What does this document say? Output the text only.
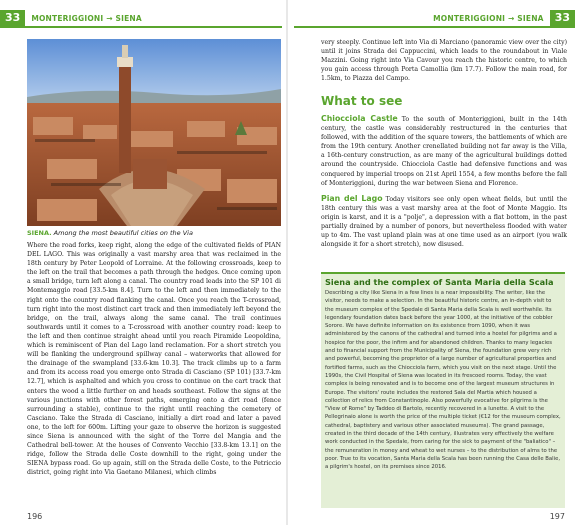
33	MONTERIGGIONI → SIENA
SIENA. Among the most beautiful cities on the Via
Where the road forks, keep right, along the edge of the cultivated fields of PIAN DEL LAGO. This was originally a vast marshy area that was reclaimed in the 18th century by Peter Leopold of Lorraine. At the following crossroads, keep to the left on the trail that becomes a path through the hedges. Once coming upon a small bridge, turn left along a canal. The country road leads into the SP 101 di Montemaggio road [33.5-km 8.4]. Turn to the left and then immediately to the right onto the country road flanking the canal. Once you reach the T-crossroad, turn right into the most distinct cart track and then immediately left beyond the bridge, on the trail, always along the same canal. The trail continues southwards until it comes to a T-crossroad with another country road: keep to the left and then continue straight ahead until you reach Piramide Leopoldina, which is reminiscent of Pian del Lago land reclamation. For a short stretch you will be flanking the underground spillway canal – waterworks that allowed for the drainage of the swampland [33.6-km 10.3]. The track climbs up to a farm and from its access road you emerge onto Strada di Casciano (SP 101) [33.7-km 12.7], which is asphalted and which you cross to continue on the cart track that enters the wood a little further on and heads southeast. Follow the signs at the various junctions with other forest paths, emerging onto a dirt road (fence surrounding a stable), continue to the right until reaching the cemetery of Casciano. Take the Strada di Casciano, initially a dirt road and later a paved one, to the left for 600m. Lifting your gaze to observe the horizon is suggested since Siena is announced with the sight of the Torre del Mangia and the Cathedral bell-tower. At the houses of Convento Vecchio [33.8-km 13.1] on the ridge, follow the Strada delle Coste downhill to the right, going under the SIENA bypass road. Go up again, still on the Strada delle Coste, to the Petriccio district, going right into Via Gaetano Milanesi, which climbs
196
MONTERIGGIONI → SIENA	33
very steeply. Continue left into Via di Marciano (panoramic view over the city) until it joins Strada dei Cappuccini, which leads to the roundabout in Viale Mazzini. Going right into Via Cavour you reach the historic centre, to which you gain access through Porta Camollia (km 17.7). Follow the main road, for 1.5km, to Piazza del Campo.
What to see
Chiocciola Castle To the south of Monteriggioni, built in the 14th century, the castle was considerably restructured in the centuries that followed, with the addition of the square towers, the battlements of which are from the 19th century. Another crenellated building not far away is the Villa, a 16th-century construction, as are many of the agricultural buildings dotted around the countryside. Chiocciola Castle had defensive functions and was conquered by imperial troops on 21st April 1554, a few months before the fall of Monteriggioni, during the war between Siena and Florence.
Pian del Lago Today visitors see only open wheat fields, but until the 18th century this was a vast marshy area at the foot of Monte Maggio. Its origin is karst, and it is a "polje", a depression with a flat bottom, in the past partially drained by a number of ponors, but nevertheless flooded with water up to 4m. The vast upland plain was at one time used as an airport (you walk alongside it for a short stretch), now disused.
Siena and the complex of Santa Maria della Scala
Describing a city like Siena in a few lines is a near impossibility. The writer, like the visitor, needs to make a selection. In the beautiful historic centre, an in-depth visit to the museum complex of the Spedale di Santa Maria della Scala is well worthwhile. Its legendary foundation dates back before the year 1000, at the initiative of the cobbler Sorore. We have definite information on its existence from 1090, when it was administered by the canons of the cathedral and turned into a hostel for pilgrims and a hospice for the poor, the infirm and for abandoned children. Thanks to many legacies and to financial support from the Municipality of Siena, the foundation grew very rich and powerful, becoming the proprietor of a large number of agricultural properties and fortified farms, such as the Chiocciola farm, which you visit on the next stage. Until the 1990s, the Civil Hospital of Siena was located in its frescoed rooms. Today, the vast complex is being renovated and is to become one of the largest museum structures in Europe. The visitors' route includes the restored Sala del Martia which housed a collection of relics from Constantinople. Also powerfully evocative for pilgrims is the "View of Rome" by Taddeo di Bartolo, recently recovered in a lunette. A visit to the Pellegrinaio alone is worth the price of the multiple ticket (€12 for the museum complex, cathedral, baptistery and various other associated museums). The grand passage, created in the third decade of the 14th century, illustrates very effectively the welfare work conducted in the Spedale, from caring for the sick to payment of the "baliatico" – the remuneration in money and wheat to wet nurses – to the distribution of alms to the poor. True to its vocation, Santa Maria della Scala has been running the Casa delle Balie, a pilgrim's hostel, on its premises since 2016.
197
